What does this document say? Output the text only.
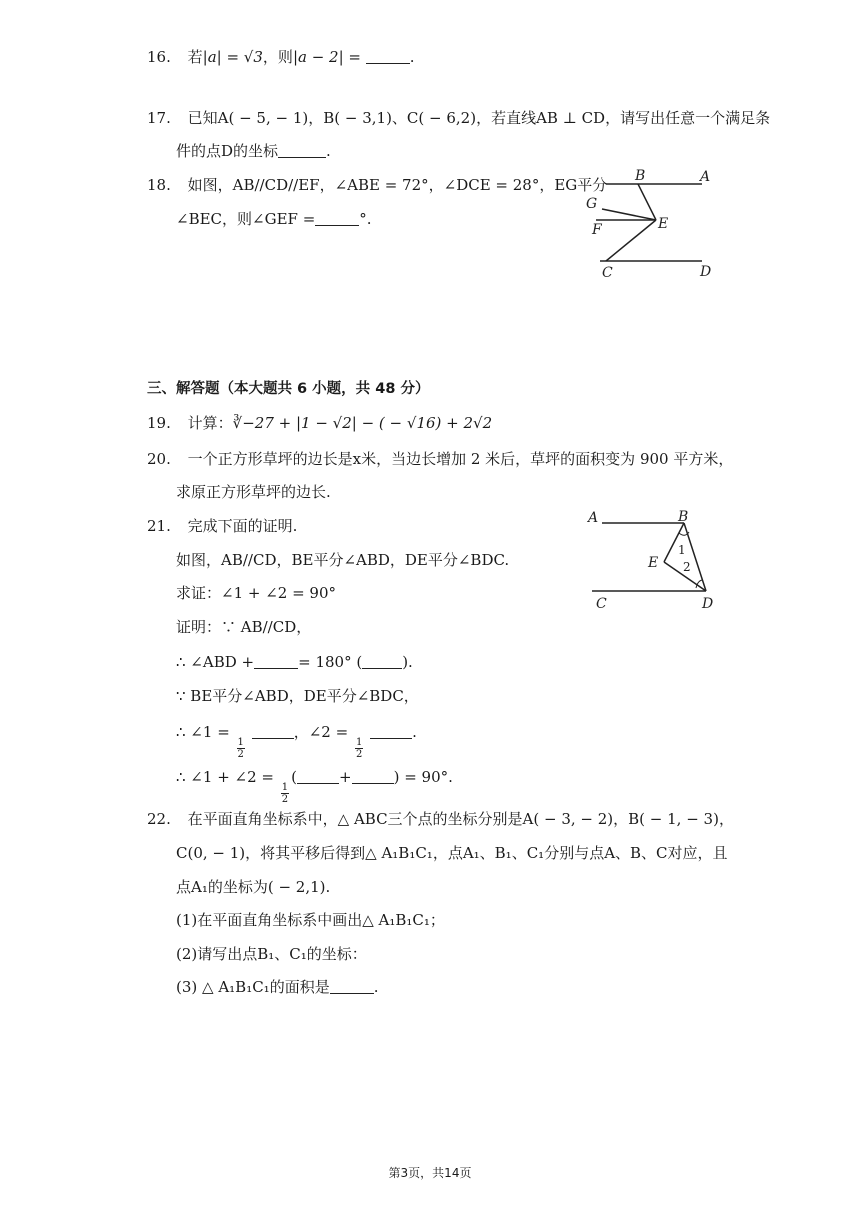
16. 若|a| = √3，则|a − 2| =	.
17. 已知A( − 5, − 1)，B( − 3,1)、C( − 6,2)，若直线AB ⊥ CD，请写出任意一个满足条
件的点D的坐标	.
18. 如图，AB//CD//EF，∠ABE = 72°，∠DCE = 28°，EG平分
∠BEC，则∠GEF =	°.
B	A
G
E
F
C	D
三、解答题（本大题共 6 小题，共 48 分）
19. 计算：∛−27 + |1 − √2| − ( − √16) + 2√2
20. 一个正方形草坪的边长是x米，当边长增加 2 米后，草坪的面积变为 900 平方米，
求原正方形草坪的边长.
21. 完成下面的证明.
如图，AB//CD，BE平分∠ABD，DE平分∠BDC.
求证：∠1 + ∠2 = 90°
证明：∵ AB//CD，
∴ ∠ABD +	= 180° (	).
∵ BE平分∠ABD，DE平分∠BDC，
∴ ∠1 =
$\frac{1}{2}$
，∠2 =
$\frac{1}{2}$
.
∴ ∠1 + ∠2 =
$\frac{1}{2}$
(	+	) = 90°.
A	B
E
1
2
C	D
22. 在平面直角坐标系中，△ ABC三个点的坐标分别是A( − 3, − 2)，B( − 1, − 3)，
C(0, − 1)，将其平移后得到△ A₁B₁C₁，点A₁、B₁、C₁分别与点A、B、C对应，且
点A₁的坐标为( − 2,1).
(1)在平面直角坐标系中画出△ A₁B₁C₁；
(2)请写出点B₁、C₁的坐标：
(3) △ A₁B₁C₁的面积是	.
第3页，共14页
